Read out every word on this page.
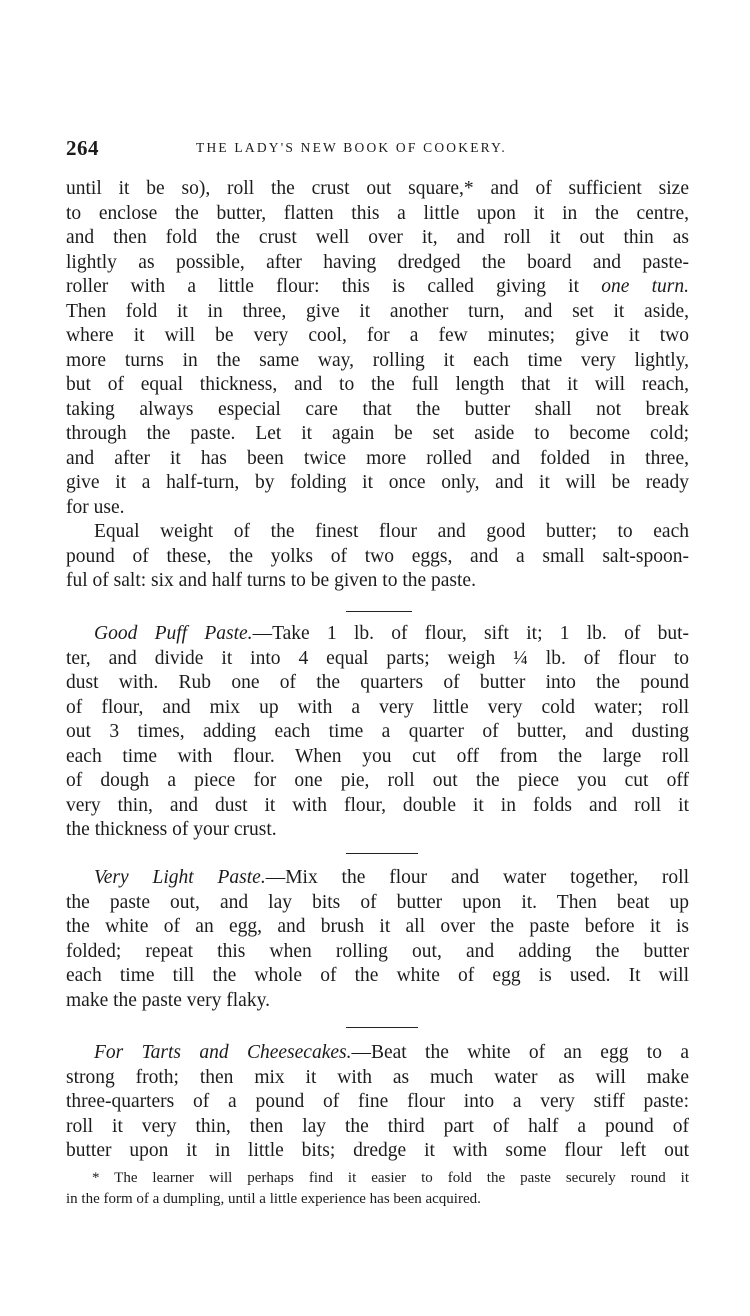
264	THE LADY'S NEW BOOK OF COOKERY.
until it be so), roll the crust out square,* and of sufficient size
to enclose the butter, flatten this a little upon it in the centre,
and then fold the crust well over it, and roll it out thin as
lightly as possible, after having dredged the board and paste-
roller with a little flour: this is called giving it one turn.
Then fold it in three, give it another turn, and set it aside,
where it will be very cool, for a few minutes; give it two
more turns in the same way, rolling it each time very lightly,
but of equal thickness, and to the full length that it will reach,
taking always especial care that the butter shall not break
through the paste. Let it again be set aside to become cold;
and after it has been twice more rolled and folded in three,
give it a half-turn, by folding it once only, and it will be ready
for use.
Equal weight of the finest flour and good butter; to each
pound of these, the yolks of two eggs, and a small salt-spoon-
ful of salt: six and half turns to be given to the paste.
Good Puff Paste.—Take 1 lb. of flour, sift it; 1 lb. of but-
ter, and divide it into 4 equal parts; weigh ¼ lb. of flour to
dust with. Rub one of the quarters of butter into the pound
of flour, and mix up with a very little very cold water; roll
out 3 times, adding each time a quarter of butter, and dusting
each time with flour. When you cut off from the large roll
of dough a piece for one pie, roll out the piece you cut off
very thin, and dust it with flour, double it in folds and roll it
the thickness of your crust.
Very Light Paste.—Mix the flour and water together, roll
the paste out, and lay bits of butter upon it. Then beat up
the white of an egg, and brush it all over the paste before it is
folded; repeat this when rolling out, and adding the butter
each time till the whole of the white of egg is used. It will
make the paste very flaky.
For Tarts and Cheesecakes.—Beat the white of an egg to a
strong froth; then mix it with as much water as will make
three-quarters of a pound of fine flour into a very stiff paste:
roll it very thin, then lay the third part of half a pound of
butter upon it in little bits; dredge it with some flour left out
* The learner will perhaps find it easier to fold the paste securely round it
in the form of a dumpling, until a little experience has been acquired.
